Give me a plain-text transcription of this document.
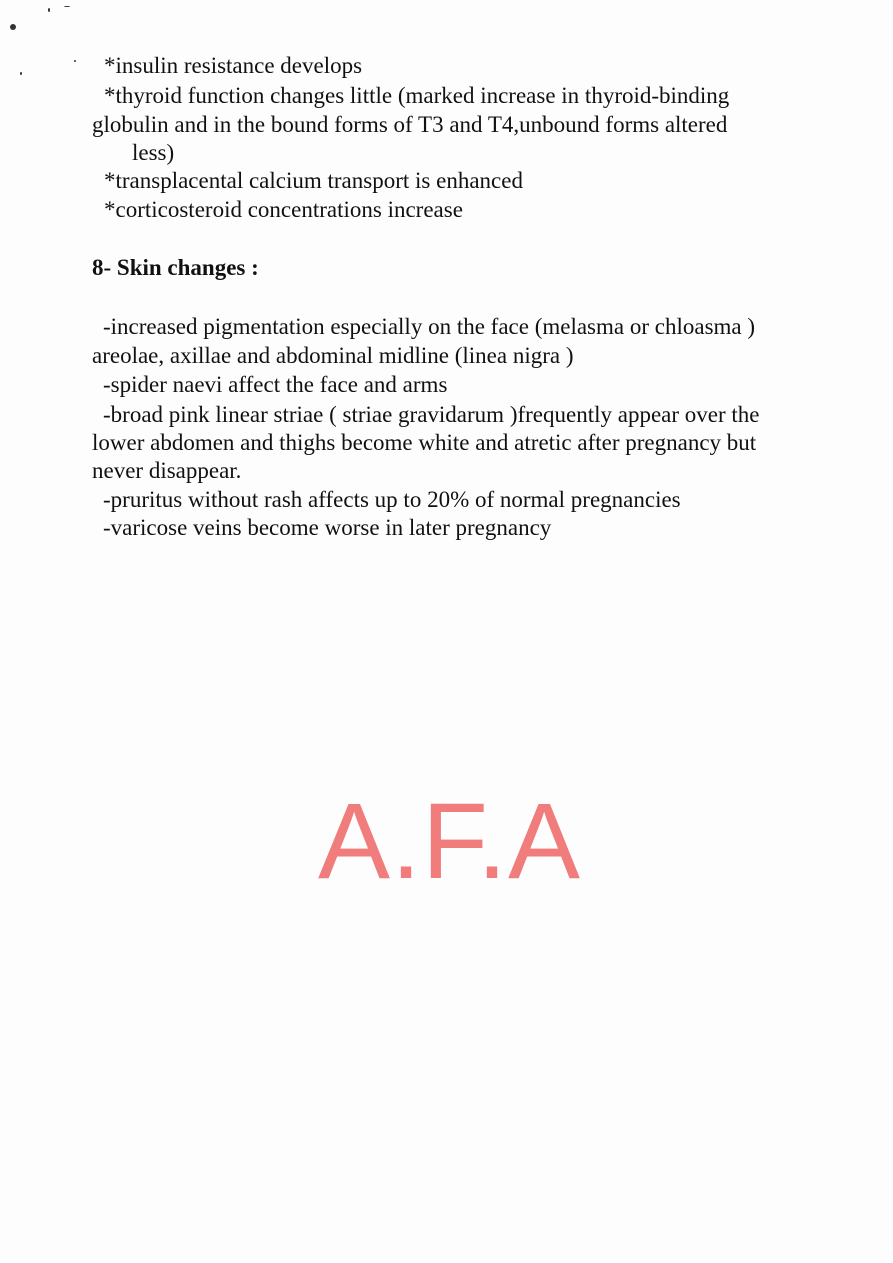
*insulin resistance develops
*thyroid function changes little (marked increase in thyroid-binding
globulin and in the bound forms of T3 and T4,unbound forms altered
less)
*transplacental calcium transport is enhanced
*corticosteroid concentrations increase
8- Skin changes :
-increased pigmentation especially on the face (melasma or chloasma )
areolae, axillae and abdominal midline (linea nigra )
-spider naevi affect the face and arms
-broad pink linear striae ( striae gravidarum )frequently appear over the
lower abdomen and thighs become white and atretic after pregnancy but
never disappear.
-pruritus without rash affects up to 20% of normal pregnancies
-varicose veins become worse in later pregnancy
A.F.A
